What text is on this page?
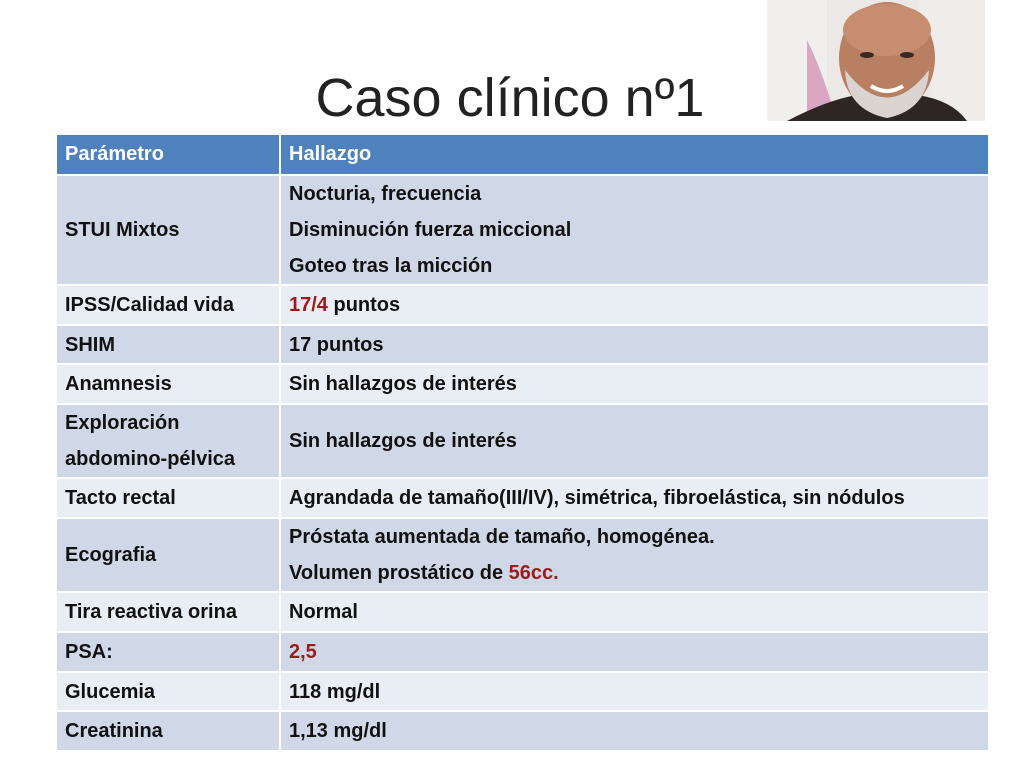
Caso clínico nº1
Parámetro	Hallazgo
STUI Mixtos	Nocturia, frecuencia
Disminución fuerza miccional
Goteo tras la micción

IPSS/Calidad vida	17/4 puntos
SHIM	17 puntos
Anamnesis	Sin hallazgos de interés

Exploración
abdomino-pélvica	Sin hallazgos de interés
Tacto rectal	Agrandada de tamaño(III/IV), simétrica, fibroelástica, sin nódulos
Ecografia	Próstata aumentada de tamaño, homogénea.
Volumen prostático de 56cc.

Tira reactiva orina	Normal
PSA:	2,5
Glucemia	118 mg/dl
Creatinina	1,13 mg/dl
